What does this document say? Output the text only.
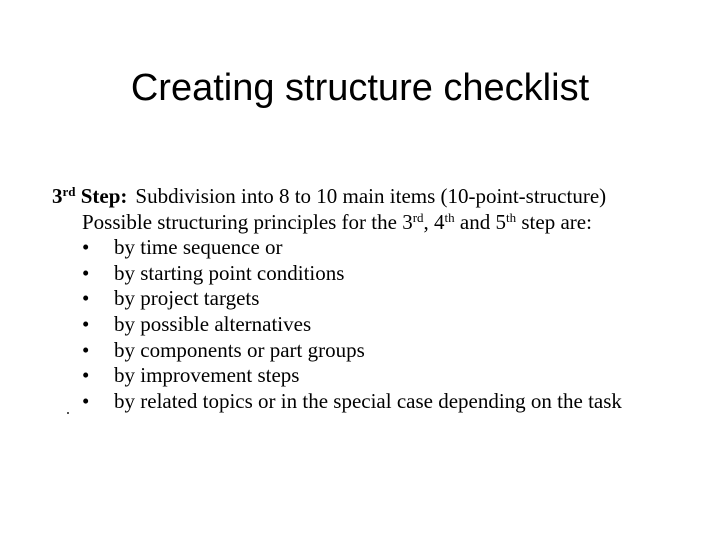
Creating structure checklist
3rd Step: Subdivision into 8 to 10 main items (10-point-structure)
Possible structuring principles for the 3rd, 4th and 5th step are:
• by time sequence or
• by starting point conditions
• by project targets
• by possible alternatives
• by components or part groups
• by improvement steps
• by related topics or in the special case depending on the task
